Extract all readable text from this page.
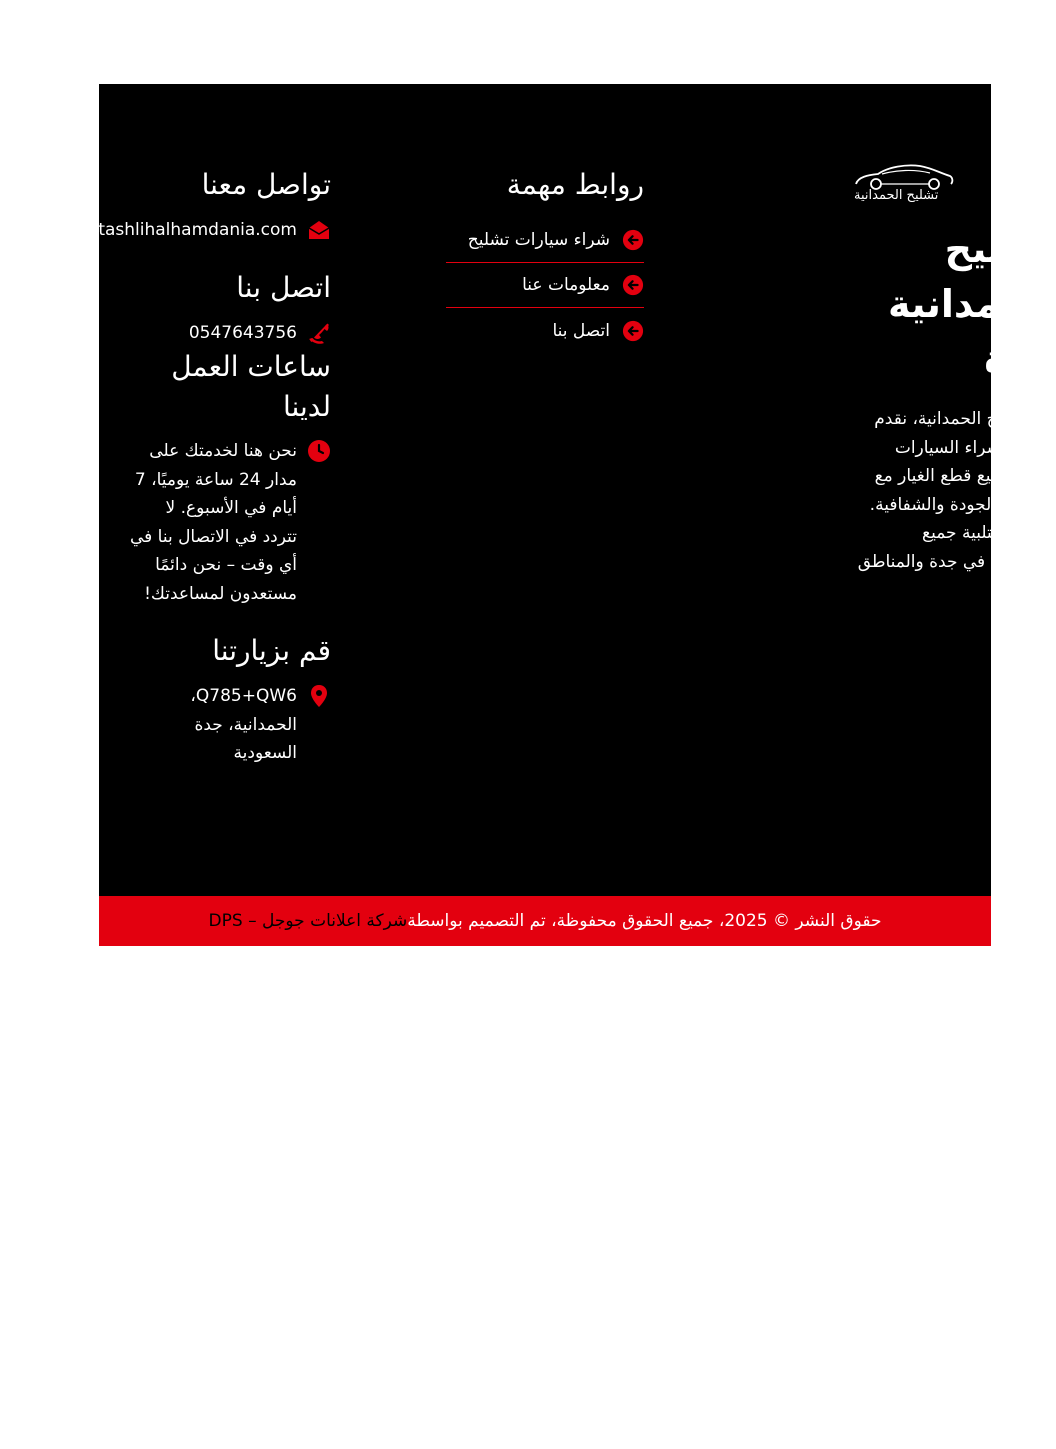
تشليح الحمدانية
تشليح الحمدانية جدة
في تشليح الحمدانية، نقدم خدمات شراء السيارات الخردة وبيع قطع الغيار مع الالتزام بالجودة والشفافية. نحن هنا لتلبية جميع احتياجاتك في جدة والمناطق المجاورة.
روابط مهمة
شراء سيارات تشليح
معلومات عنا
اتصل بنا
تواصل معنا
s@tashlihalhamdania.com
اتصل بنا
0547643756
ساعات العمل لدينا
نحن هنا لخدمتك على مدار 24 ساعة يوميًا، 7 أيام في الأسبوع. لا تتردد في الاتصال بنا في أي وقت – نحن دائمًا مستعدون لمساعدتك!
قم بزيارتنا
Q785+QW6، الحمدانية، جدة السعودية
حقوق النشر © 2025، جميع الحقوق محفوظة، تم التصميم بواسطة
شركة اعلانات جوجل – DPS
